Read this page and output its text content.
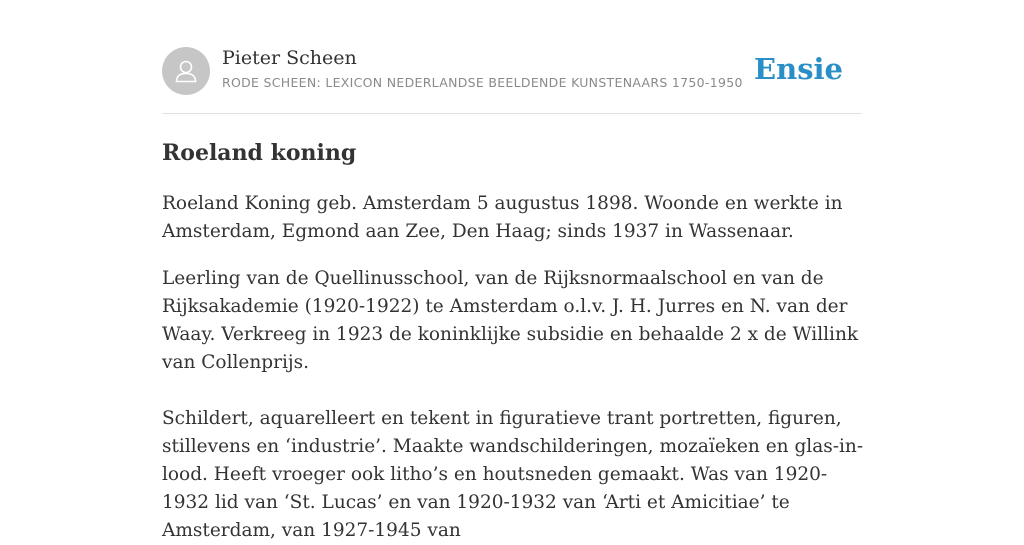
Pieter Scheen
RODE SCHEEN: LEXICON NEDERLANDSE BEELDENDE KUNSTENAARS 1750-1950 Ensie
Roeland koning

Roeland Koning geb. Amsterdam 5 augustus 1898. Woonde en werkte in Amsterdam, Egmond aan Zee, Den Haag; sinds 1937 in Wassenaar.

Leerling van de Quellinusschool, van de Rijksnormaalschool en van de Rijksakademie (1920-1922) te Amsterdam o.l.v. J. H. Jurres en N. van der Waay. Verkreeg in 1923 de koninklijke subsidie en behaalde 2 x de Willink van Collenprijs.

Schildert, aquarelleert en tekent in figuratieve trant portretten, figuren, stillevens en ‘industrie’. Maakte wandschilderingen, mozaïeken en glas-in-lood. Heeft vroeger ook litho’s en houtsneden gemaakt. Was van 1920-1932 lid van ‘St. Lucas’ en van 1920-1932 van ‘Arti et Amicitiae’ te Amsterdam, van 1927-1945 van
